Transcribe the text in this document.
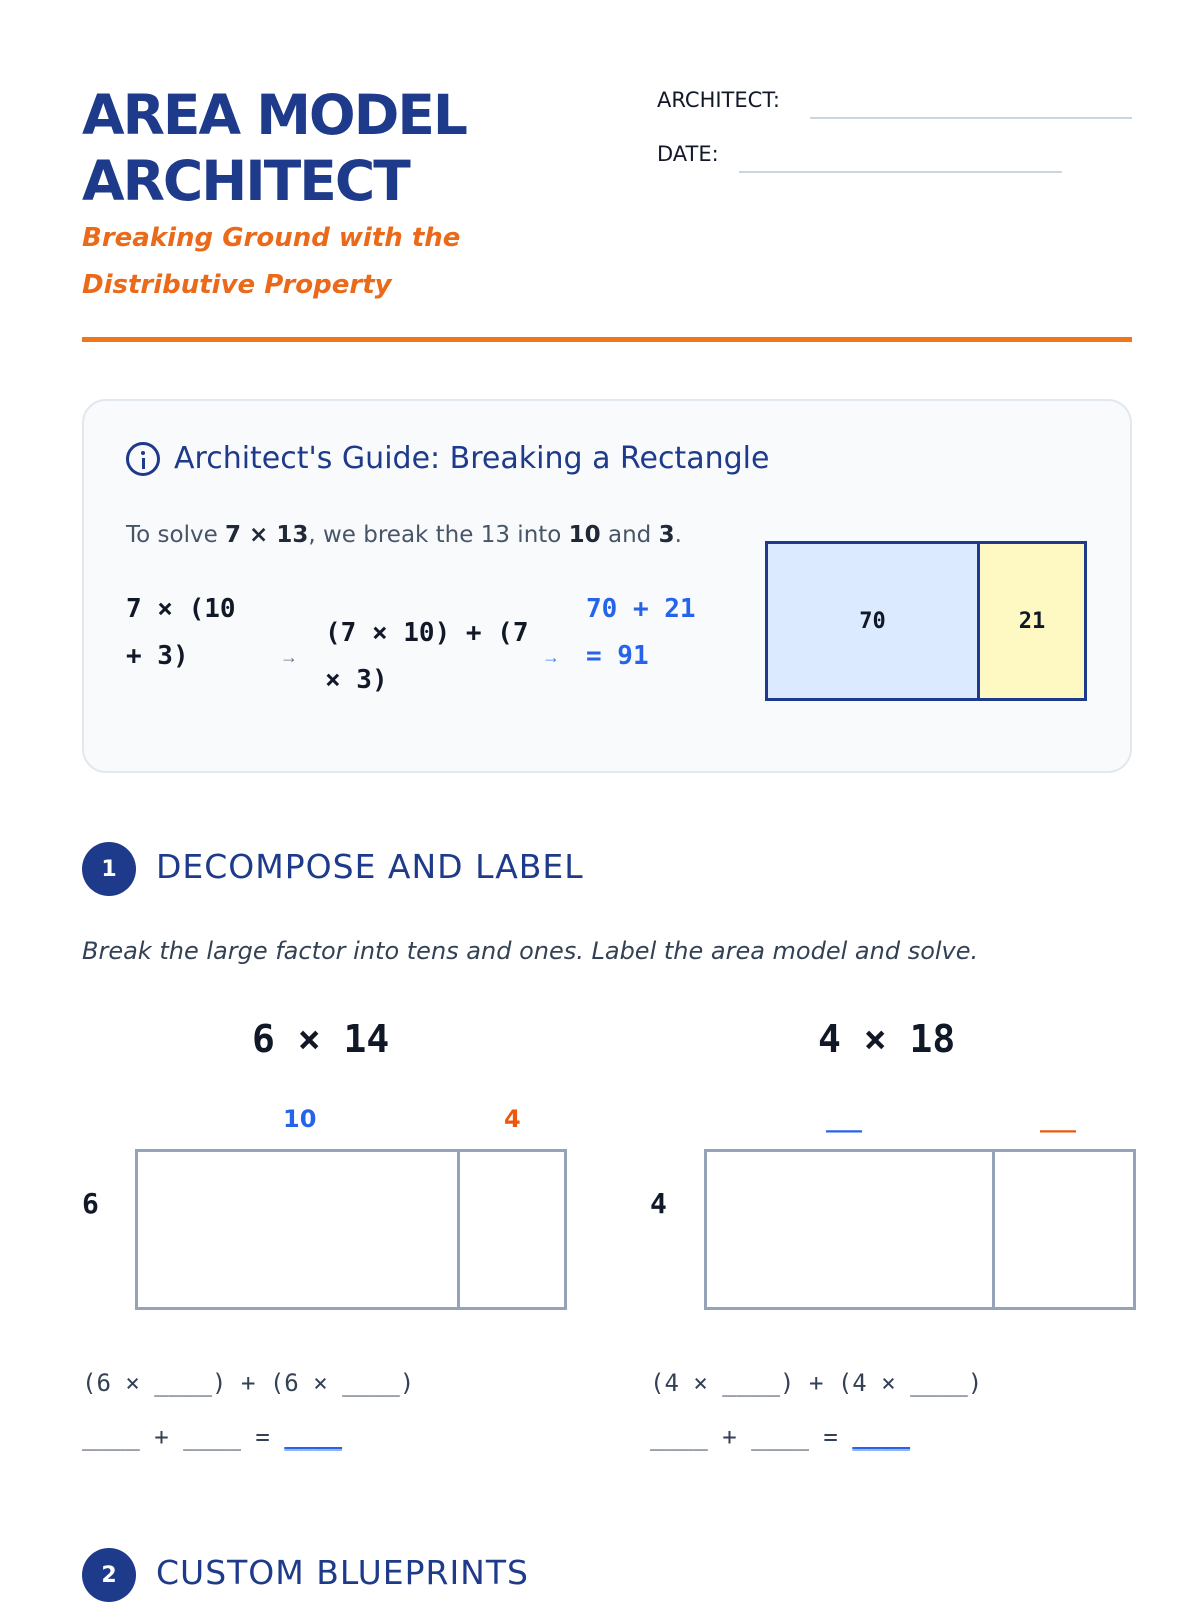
AREA MODEL
ARCHITECT
Breaking Ground with the Distributive Property
ARCHITECT:
DATE:
Architect's Guide: Breaking a Rectangle
To solve 7 × 13, we break the 13 into 10 and 3.
7 × (10 + 3)	→
(7 × 10) + (7 × 3)
→
70 + 21 = 91
70	21
1	DECOMPOSE AND LABEL
Break the large factor into tens and ones. Label the area model and solve.
6 × 14
10	4
6
(6 × ____) + (6 × ____)
____ + ____ = ____
4 × 18
___	___
4
(4 × ____) + (4 × ____)
____ + ____ = ____
2	CUSTOM BLUEPRINTS
